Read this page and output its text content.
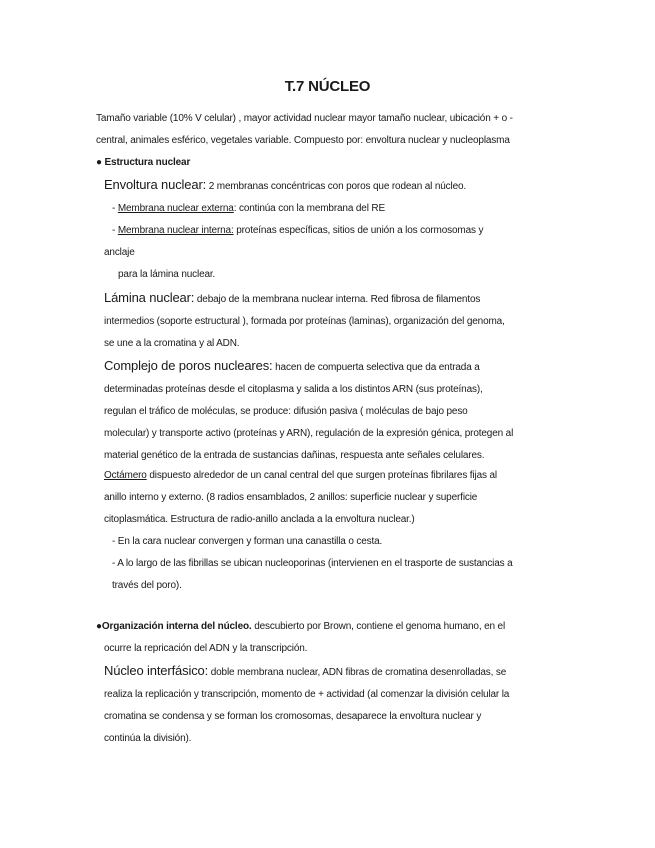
T.7 NÚCLEO
Tamaño variable (10% V celular) , mayor actividad nuclear mayor tamaño nuclear, ubicación + o -
central, animales esférico, vegetales variable. Compuesto por: envoltura nuclear y nucleoplasma
● Estructura nuclear
Envoltura nuclear: 2 membranas concéntricas con poros que rodean al núcleo.
- Membrana nuclear externa: continúa con la membrana del RE
- Membrana nuclear interna: proteínas específicas, sitios de unión a los cormosomas y
anclaje
para la lámina nuclear.
Lámina nuclear: debajo de la membrana nuclear interna. Red fibrosa de filamentos
intermedios (soporte estructural ), formada por proteínas (laminas), organización del genoma,
se une a la cromatina y al ADN.
Complejo de poros nucleares: hacen de compuerta selectiva que da entrada a
determinadas proteínas desde el citoplasma y salida a los distintos ARN (sus proteínas),
regulan el tráfico de moléculas, se produce: difusión pasiva ( moléculas de bajo peso
molecular) y transporte activo (proteínas y ARN), regulación de la expresión génica, protegen al
material genético de la entrada de sustancias dañinas, respuesta ante señales celulares.
Octámero dispuesto alrededor de un canal central del que surgen proteínas fibrilares fijas al
anillo interno y externo. (8 radios ensamblados, 2 anillos: superficie nuclear y superficie
citoplasmática. Estructura de radio-anillo anclada a la envoltura nuclear.)
- En la cara nuclear convergen y forman una canastilla o cesta.
- A lo largo de las fibrillas se ubican nucleoporinas (intervienen en el trasporte de sustancias a
través del poro).
●Organización interna del núcleo. descubierto por Brown, contiene el genoma humano, en el
ocurre la repricación del ADN y la transcripción.
Núcleo interfásico: doble membrana nuclear, ADN fibras de cromatina desenrolladas, se
realiza la replicación y transcripción, momento de + actividad (al comenzar la división celular la
cromatina se condensa y se forman los cromosomas, desaparece la envoltura nuclear y
continúa la división).
